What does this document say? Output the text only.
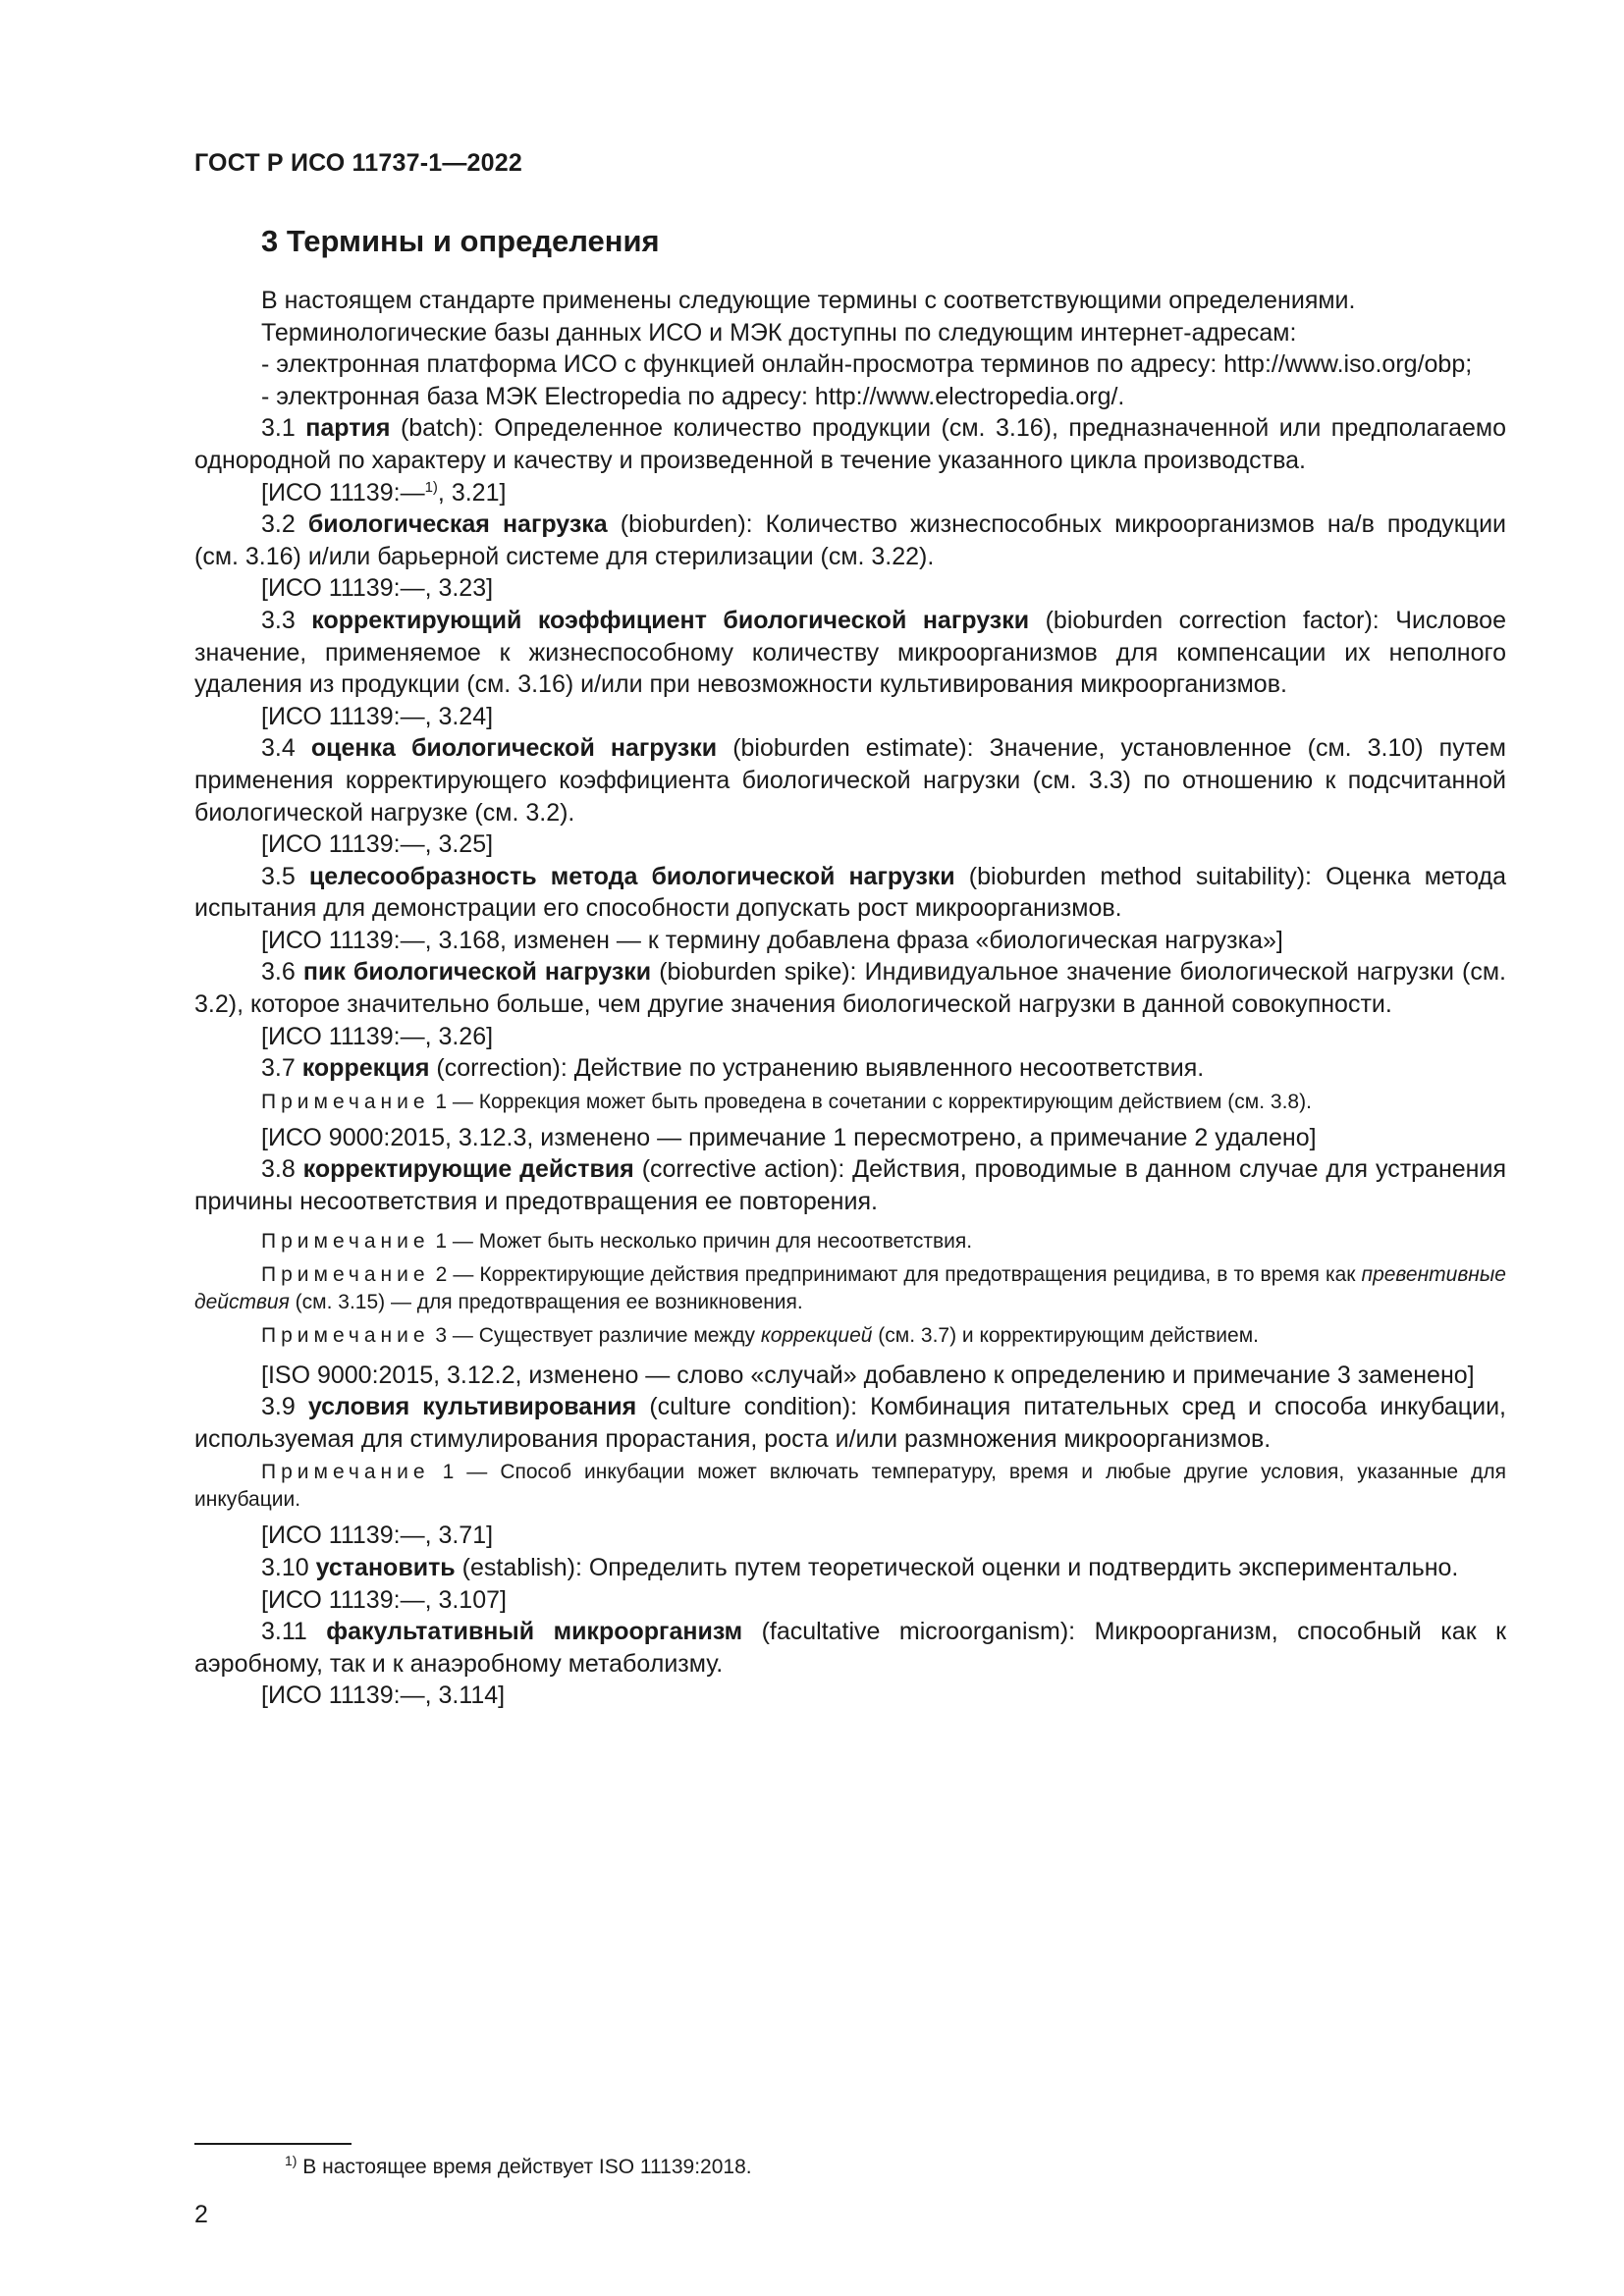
ГОСТ Р ИСО 11737-1—2022
3 Термины и определения

В настоящем стандарте применены следующие термины с соответствующими определениями.

Терминологические базы данных ИСО и МЭК доступны по следующим интернет-адресам:

- электронная платформа ИСО с функцией онлайн-просмотра терминов по адресу: http://www.iso.org/obp;

- электронная база МЭК Electropedia по адресу: http://www.electropedia.org/.

3.1 партия (batch): Определенное количество продукции (см. 3.16), предназначенной или предполагаемо однородной по характеру и качеству и произведенной в течение указанного цикла производства.

[ИСО 11139:—$^{1)}$, 3.21]

3.2 биологическая нагрузка (bioburden): Количество жизнеспособных микроорганизмов на/в продукции (см. 3.16) и/или барьерной системе для стерилизации (см. 3.22).

[ИСО 11139:—, 3.23]

3.3 корректирующий коэффициент биологической нагрузки (bioburden correction factor): Числовое значение, применяемое к жизнеспособному количеству микроорганизмов для компенсации их неполного удаления из продукции (см. 3.16) и/или при невозможности культивирования микроорганизмов.

[ИСО 11139:—, 3.24]

3.4 оценка биологической нагрузки (bioburden estimate): Значение, установленное (см. 3.10) путем применения корректирующего коэффициента биологической нагрузки (см. 3.3) по отношению к подсчитанной биологической нагрузке (см. 3.2).

[ИСО 11139:—, 3.25]

3.5 целесообразность метода биологической нагрузки (bioburden method suitability): Оценка метода испытания для демонстрации его способности допускать рост микроорганизмов.

[ИСО 11139:—, 3.168, изменен — к термину добавлена фраза «биологическая нагрузка»]

3.6 пик биологической нагрузки (bioburden spike): Индивидуальное значение биологической нагрузки (см. 3.2), которое значительно больше, чем другие значения биологической нагрузки в данной совокупности.

[ИСО 11139:—, 3.26]

3.7 коррекция (correction): Действие по устранению выявленного несоответствия.

Примечание 1 — Коррекция может быть проведена в сочетании с корректирующим действием (см. 3.8).

[ИСО 9000:2015, 3.12.3, изменено — примечание 1 пересмотрено, а примечание 2 удалено]

3.8 корректирующие действия (corrective action): Действия, проводимые в данном случае для устранения причины несоответствия и предотвращения ее повторения.

Примечание 1 — Может быть несколько причин для несоответствия.

Примечание 2 — Корректирующие действия предпринимают для предотвращения рецидива, в то время как превентивные действия (см. 3.15) — для предотвращения ее возникновения.

Примечание 3 — Существует различие между коррекцией (см. 3.7) и корректирующим действием.

[ISO 9000:2015, 3.12.2, изменено — слово «случай» добавлено к определению и примечание 3 заменено]

3.9 условия культивирования (culture condition): Комбинация питательных сред и способа инкубации, используемая для стимулирования прорастания, роста и/или размножения микроорганизмов.

Примечание 1 — Способ инкубации может включать температуру, время и любые другие условия, указанные для инкубации.

[ИСО 11139:—, 3.71]

3.10 установить (establish): Определить путем теоретической оценки и подтвердить экспериментально.

[ИСО 11139:—, 3.107]

3.11 факультативный микроорганизм (facultative microorganism): Микроорганизм, способный как к аэробному, так и к анаэробному метаболизму.

[ИСО 11139:—, 3.114]

$^{1)}$ В настоящее время действует ISO 11139:2018.
2
